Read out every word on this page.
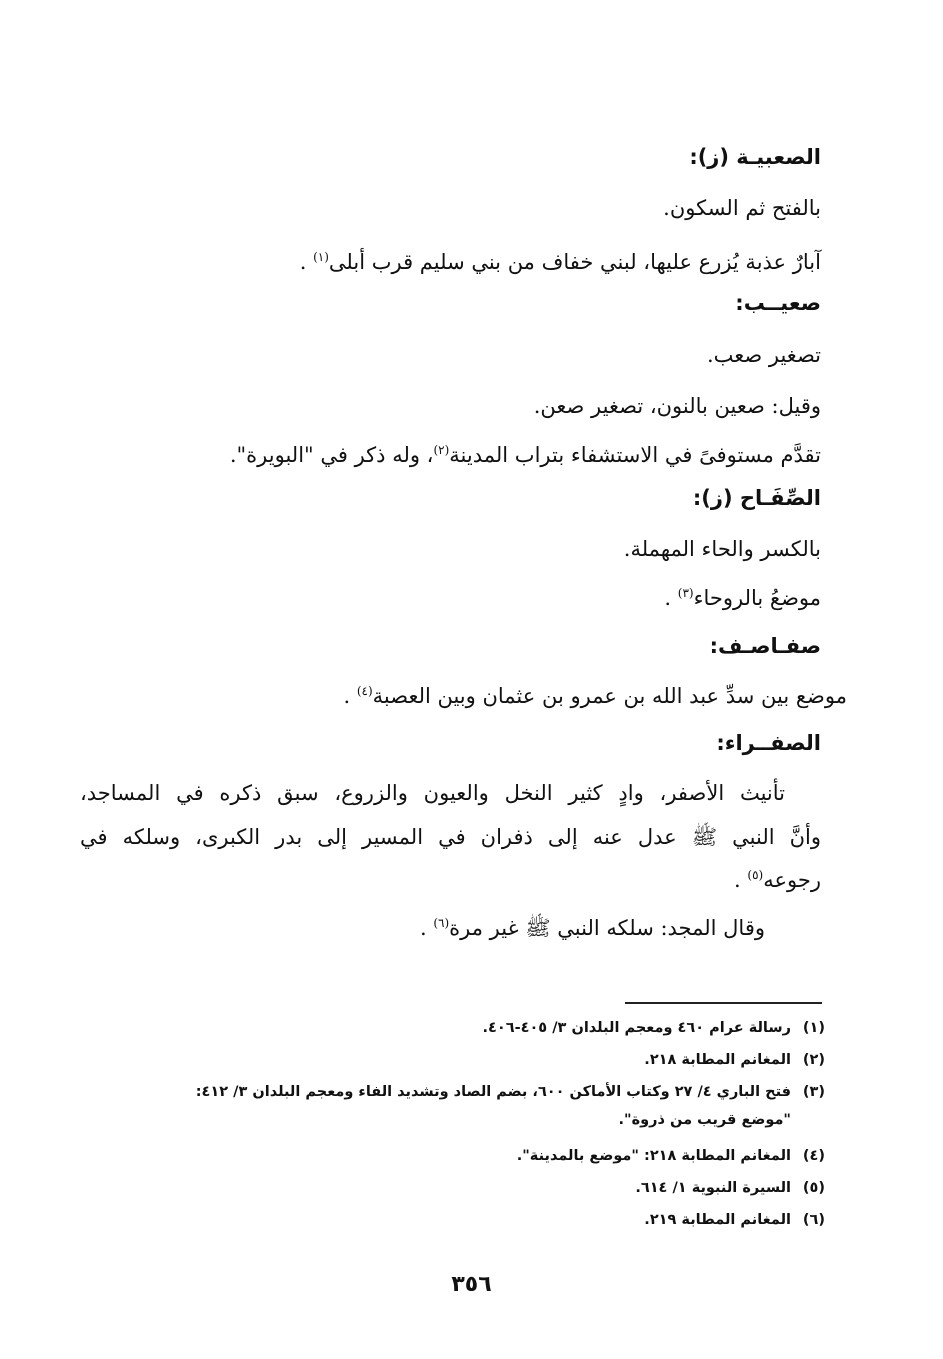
الصعبيـة (ز):
بالفتح ثم السكون.
آبارٌ عذبة يُزرع عليها، لبني خفاف من بني سليم قرب أبلى$^{(١)}$ .
صعيــب:
تصغير صعب.
وقيل: صعين بالنون، تصغير صعن.
تقدَّم مستوفىً في الاستشفاء بتراب المدينة$^{(٢)}$، وله ذكر في "البويرة".
الصِّفَـاح (ز):
بالكسر والحاء المهملة.
موضعُ بالروحاء$^{(٣)}$ .
صفـاصـف:
موضع بين سدِّ عبد الله بن عمرو بن عثمان وبين العصبة$^{(٤)}$ .
الصفــراء:
تأنيث الأصفر، وادٍ كثير النخل والعيون والزروع، سبق ذكره في المساجد،
وأنَّ النبي ﷺ عدل عنه إلى ذفران في المسير إلى بدر الكبرى، وسلكه في
رجوعه$^{(٥)}$ .
وقال المجد: سلكه النبي ﷺ غير مرة$^{(٦)}$ .
(١)رسالة عرام ٤٦٠ ومعجم البلدان ٣/ ٤٠٥-٤٠٦.
(٢)المغانم المطابة ٢١٨.
(٣)فتح الباري ٤/ ٢٧ وكتاب الأماكن ٦٠٠، بضم الصاد وتشديد الفاء ومعجم البلدان ٣/ ٤١٢:
"موضع قريب من ذروة".
(٤)المغانم المطابة ٢١٨: "موضع بالمدينة".
(٥)السيرة النبوية ١/ ٦١٤.
(٦)المغانم المطابة ٢١٩.
٣٥٦
